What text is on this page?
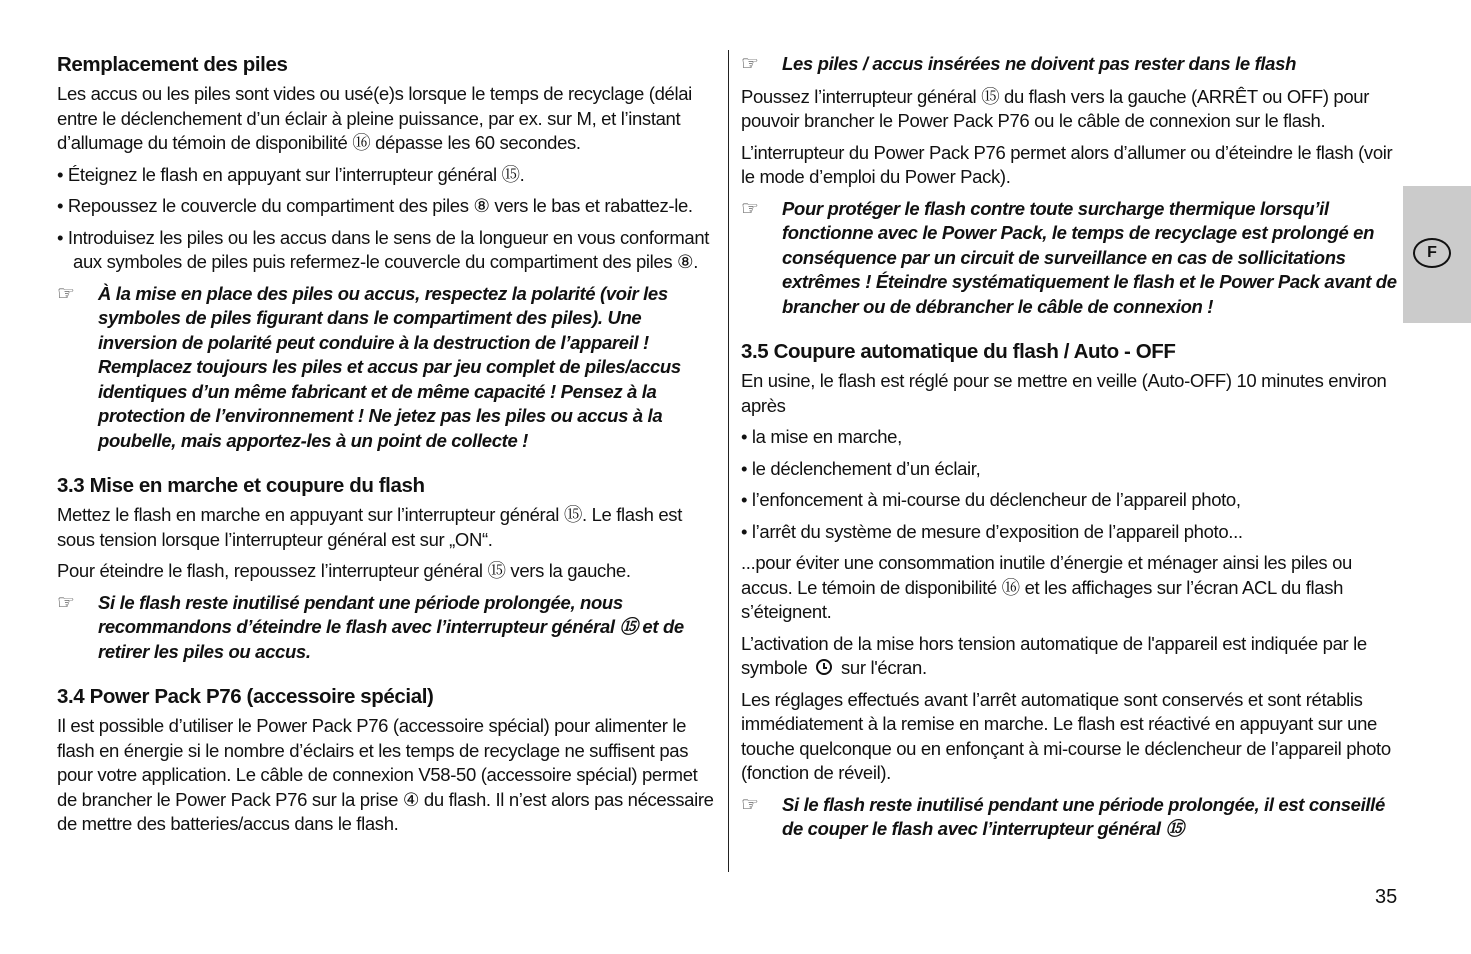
Remplacement des piles

Les accus ou les piles sont vides ou usé(e)s lorsque le temps de recyclage (délai entre le déclenchement d’un éclair à pleine puissance, par ex. sur M, et l’instant d’allumage du témoin de disponibilité ⑯ dépasse les 60 secondes.

• Éteignez le flash en appuyant sur l’interrupteur général ⑮.

• Repoussez le couvercle du compartiment des piles ⑧ vers le bas et rabattez-le.

• Introduisez les piles ou les accus dans le sens de la longueur en vous conformant aux symboles de piles puis refermez-le couvercle du compartiment des piles ⑧.

☞ À la mise en place des piles ou accus, respectez la polarité (voir les symboles de piles figurant dans le compartiment des piles). Une inversion de polarité peut conduire à la destruction de l’appareil ! Remplacez toujours les piles et accus par jeu complet de piles/accus identiques d’un même fabricant et de même capacité ! Pensez à la protection de l’environnement ! Ne jetez pas les piles ou accus à la poubelle, mais apportez-les à un point de collecte !
3.3 Mise en marche et coupure du flash

Mettez le flash en marche en appuyant sur l’interrupteur général ⑮. Le flash est sous tension lorsque l’interrupteur général est sur „ON“.

Pour éteindre le flash, repoussez l’interrupteur général ⑮ vers la gauche.

☞ Si le flash reste inutilisé pendant une période prolongée, nous recommandons d’éteindre le flash avec l’interrupteur général ⑮ et de retirer les piles ou accus.
3.4 Power Pack P76 (accessoire spécial)

Il est possible d’utiliser le Power Pack P76 (accessoire spécial) pour alimenter le flash en énergie si le nombre d’éclairs et les temps de recyclage ne suffisent pas pour votre application. Le câble de connexion V58-50 (accessoire spécial) permet de brancher le Power Pack P76 sur la prise ④ du flash. Il n’est alors pas nécessaire de mettre des batteries/accus dans le flash.

☞ Les piles / accus insérées ne doivent pas rester dans le flash

Poussez l’interrupteur général ⑮ du flash vers la gauche (ARRÊT ou OFF) pour pouvoir brancher le Power Pack P76 ou le câble de connexion sur le flash.

L’interrupteur du Power Pack P76 permet alors d’allumer ou d’éteindre le flash (voir le mode d’emploi du Power Pack).

☞ Pour protéger le flash contre toute surcharge thermique lorsqu’il fonctionne avec le Power Pack, le temps de recyclage est prolongé en conséquence par un circuit de surveillance en cas de sollicitations extrêmes ! Éteindre systématiquement le flash et le Power Pack avant de brancher ou de débrancher le câble de connexion !
3.5 Coupure automatique du flash / Auto - OFF

En usine, le flash est réglé pour se mettre en veille (Auto-OFF) 10 minutes environ après

• la mise en marche,

• le déclenchement d’un éclair,

• l’enfoncement à mi-course du déclencheur de l’appareil photo,

• l’arrêt du système de mesure d’exposition de l’appareil photo...

...pour éviter une consommation inutile d’énergie et ménager ainsi les piles ou accus. Le témoin de disponibilité ⑯ et les affichages sur l’écran ACL du flash s’éteignent.

L’activation de la mise hors tension automatique de l'appareil est indiquée par le symbole sur l'écran.

Les réglages effectués avant l’arrêt automatique sont conservés et sont rétablis immédiatement à la remise en marche. Le flash est réactivé en appuyant sur une touche quelconque ou en enfonçant à mi-course le déclencheur de l’appareil photo (fonction de réveil).

☞ Si le flash reste inutilisé pendant une période prolongée, il est conseillé de couper le flash avec l’interrupteur général ⑮
F
35
